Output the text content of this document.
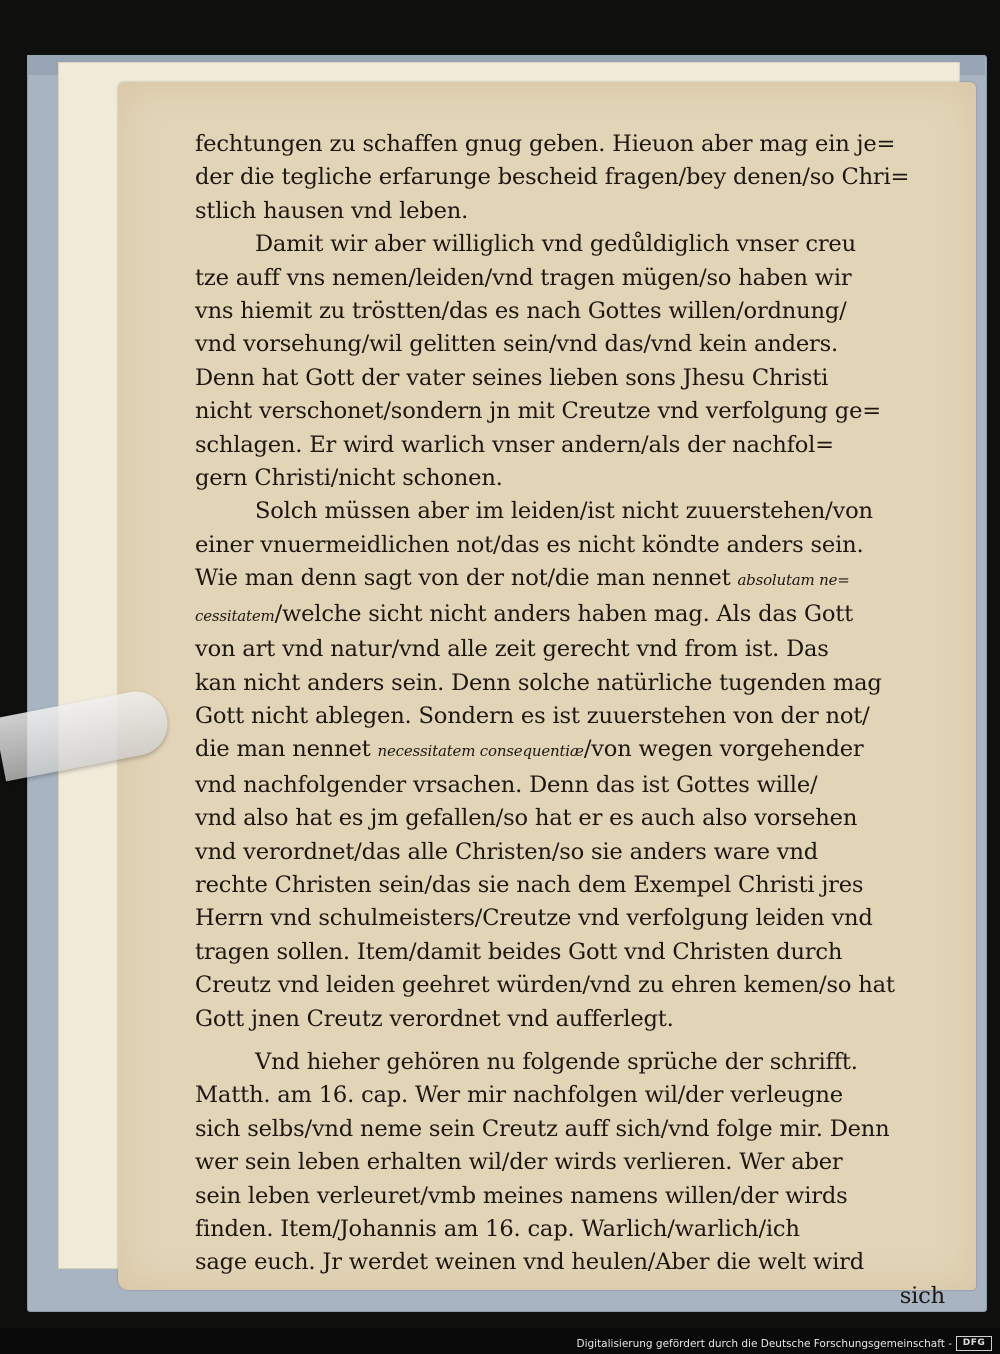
fechtungen zu schaffen gnug geben. Hieuon aber mag ein je=
der die tegliche erfarunge bescheid fragen/bey denen/so Chri=
stlich hausen vnd leben.
Damit wir aber williglich vnd gedůldiglich vnser creu
tze auff vns nemen/leiden/vnd tragen mügen/so haben wir
vns hiemit zu tröstten/das es nach Gottes willen/ordnung/
vnd vorsehung/wil gelitten sein/vnd das/vnd kein anders.
Denn hat Gott der vater seines lieben sons Jhesu Christi
nicht verschonet/sondern jn mit Creutze vnd verfolgung ge=
schlagen. Er wird warlich vnser andern/als der nachfol=
gern Christi/nicht schonen.
Solch müssen aber im leiden/ist nicht zuuerstehen/von
einer vnuermeidlichen not/das es nicht köndte anders sein.
Wie man denn sagt von der not/die man nennet absolutam ne=
cessitatem/welche sicht nicht anders haben mag. Als das Gott
von art vnd natur/vnd alle zeit gerecht vnd from ist. Das
kan nicht anders sein. Denn solche natürliche tugenden mag
Gott nicht ablegen. Sondern es ist zuuerstehen von der not/
die man nennet necessitatem consequentiæ/von wegen vorgehender
vnd nachfolgender vrsachen. Denn das ist Gottes wille/
vnd also hat es jm gefallen/so hat er es auch also vorsehen
vnd verordnet/das alle Christen/so sie anders ware vnd
rechte Christen sein/das sie nach dem Exempel Christi jres
Herrn vnd schulmeisters/Creutze vnd verfolgung leiden vnd
tragen sollen. Item/damit beides Gott vnd Christen durch
Creutz vnd leiden geehret würden/vnd zu ehren kemen/so hat
Gott jnen Creutz verordnet vnd aufferlegt.
Vnd hieher gehören nu folgende sprüche der schrifft.
Matth. am 16. cap. Wer mir nachfolgen wil/der verleugne
sich selbs/vnd neme sein Creutz auff sich/vnd folge mir. Denn
wer sein leben erhalten wil/der wirds verlieren. Wer aber
sein leben verleuret/vmb meines namens willen/der wirds
finden. Item/Johannis am 16. cap. Warlich/warlich/ich
sage euch. Jr werdet weinen vnd heulen/Aber die welt wird
sich
Digitalisierung gefördert durch die Deutsche Forschungsgemeinschaft -	DFG
